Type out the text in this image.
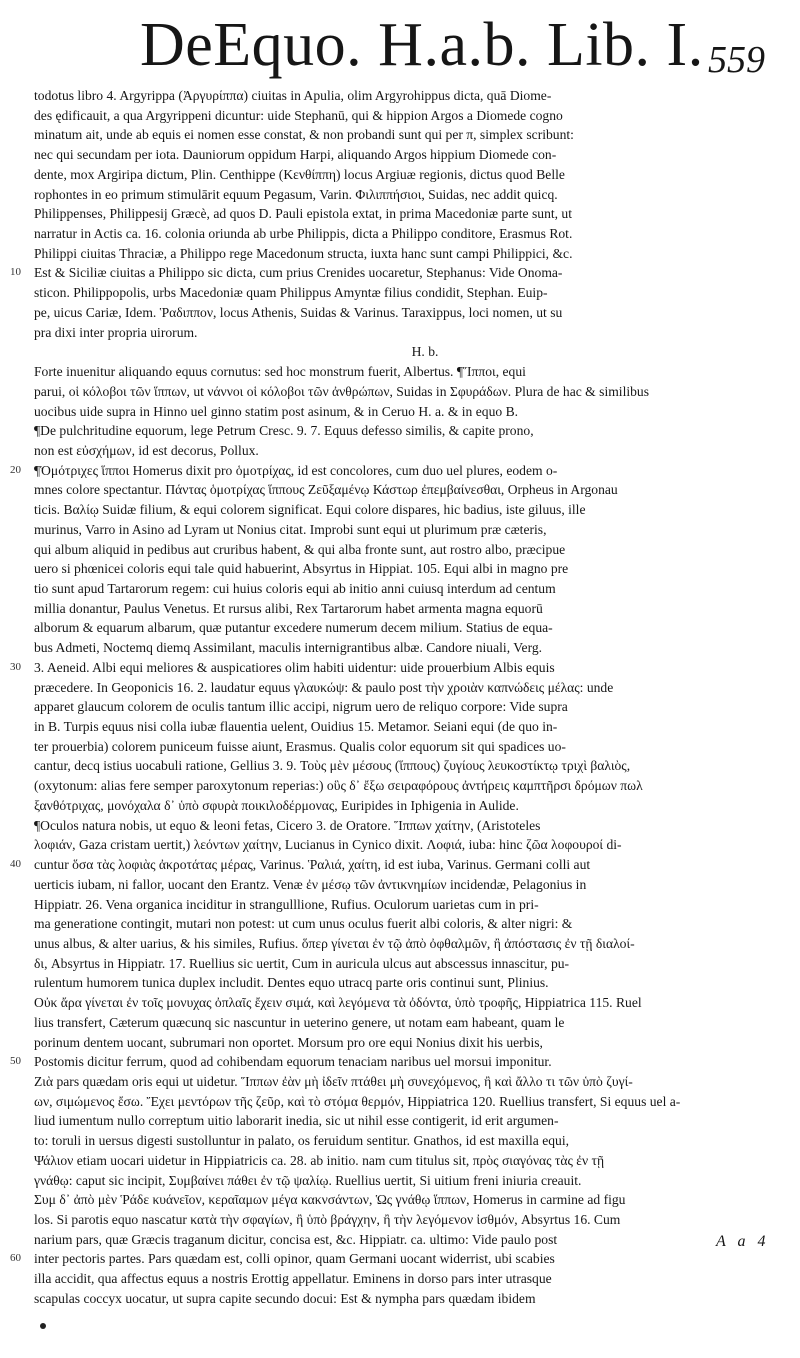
DeEquo. H.a.b. Lib. I. 559
10
20
30
40
50
60
todotus libro 4. Argyrippa (Ἀργυρίππα) ciuitas in Apulia, olim Argyrohippus dicta, quā Diome-
des ędificauit, a qua Argyrippeni dicuntur: uide Stephanū, qui & hippion Argos a Diomede cogno
minatum ait, unde ab equis ei nomen esse constat, & non probandi sunt qui per π, simplex scribunt:
nec qui secundam per iota. Dauniorum oppidum Harpi, aliquando Argos hippium Diomede con-
dente, mox Argiripa dictum, Plin. Centhippe (Κενθίππη) locus Argiuæ regionis, dictus quod Belle
rophontes in eo primum stimulārit equum Pegasum, Varin. Φιλιππήσιοι, Suidas, nec addit quicq.
Philippenses, Philippesij Græcè, ad quos D. Pauli epistola extat, in prima Macedoniæ parte sunt, ut
narratur in Actis ca. 16. colonia oriunda ab urbe Philippis, dicta a Philippo conditore, Erasmus Rot.
Philippi ciuitas Thraciæ, a Philippo rege Macedonum structa, iuxta hanc sunt campi Philippici, &c.
Est & Siciliæ ciuitas a Philippo sic dicta, cum prius Crenides uocaretur, Stephanus: Vide Onoma-
sticon. Philippopolis, urbs Macedoniæ quam Philippus Amyntæ filius condidit, Stephan. Euip-
pe, uicus Cariæ, Idem. Ῥαδιππον, locus Athenis, Suidas & Varinus. Taraxippus, loci nomen, ut su
pra dixi inter propria uirorum.
H. b.
Forte inuenitur aliquando equus cornutus: sed hoc monstrum fuerit, Albertus. ¶Ἵπποι, equi
parui, οἱ κόλοβοι τῶν ἵππων, ut νάννοι οἱ κόλοβοι τῶν ἀνθρώπων, Suidas in Σφυράδων. Plura de hac & similibus
uocibus uide supra in Hinno uel ginno statim post asinum, & in Ceruo H. a. & in equo B.
¶De pulchritudine equorum, lege Petrum Cresc. 9. 7. Equus defesso similis, & capite prono,
non est εὐσχήμων, id est decorus, Pollux.
¶Ὁμότριχες ἵπποι Homerus dixit pro ὁμοτρίχας, id est concolores, cum duo uel plures, eodem o-
mnes colore spectantur. Πάντας ὁμοτρίχας ἵππους Ζεῦξαμένῳ Κάστωρ ἐπεμβαίνεσθαι, Orpheus in Argonau
ticis. Βαλίῳ Suidæ filium, & equi colorem significat. Equi colore dispares, hic badius, iste giluus, ille
murinus, Varro in Asino ad Lyram ut Nonius citat. Improbi sunt equi ut plurimum præ cæteris,
qui album aliquid in pedibus aut cruribus habent, & qui alba fronte sunt, aut rostro albo, præcipue
uero si phœnicei coloris equi tale quid habuerint, Absyrtus in Hippiat. 105. Equi albi in magno pre
tio sunt apud Tartarorum regem: cui huius coloris equi ab initio anni cuiusq interdum ad centum
millia donantur, Paulus Venetus. Et rursus alibi, Rex Tartarorum habet armenta magna equorū
alborum & equarum albarum, quæ putantur excedere numerum decem milium. Statius de equa-
bus Admeti, Noctemq diemq Assimilant, maculis internigrantibus albæ. Candore niuali, Verg.
3. Aeneid. Albi equi meliores & auspicatiores olim habiti uidentur: uide prouerbium Albis equis
præcedere. In Geoponicis 16. 2. laudatur equus γλαυκώψ: & paulo post τὴν χροιὰν καπνώδεις μέλας: unde
apparet glaucum colorem de oculis tantum illic accipi, nigrum uero de reliquo corpore: Vide supra
in B. Turpis equus nisi colla iubæ flauentia uelent, Ouidius 15. Metamor. Seiani equi (de quo in-
ter prouerbia) colorem puniceum fuisse aiunt, Erasmus. Qualis color equorum sit qui spadices uo-
cantur, decq istius uocabuli ratione, Gellius 3. 9. Τοὺς μὲν μέσους (ἵππους) ζυγίους λευκοστίκτῳ τριχὶ βαλιὸς,
(oxytonum: alias fere semper paroxytonum reperias:) οὓς δ᾽ ἔξω σειραφόρους ἀντήρεις καμπτῆρσι δρόμων πωλ
ξανθότριχας, μονόχαλα δ᾽ ὑπὸ σφυρὰ ποικιλοδέρμονας, Euripides in Iphigenia in Aulide.
¶Oculos natura nobis, ut equo & leoni fetas, Cicero 3. de Oratore. Ἵππων χαίτην, (Aristoteles
λοφιάν, Gaza cristam uertit,) λεόντων χαίτην, Lucianus in Cynico dixit. Λοφιά, iuba: hinc ζῶα λοφουροί di-
cuntur ὅσα τὰς λοφιὰς ἀκροτάτας μέρας, Varinus. Ῥαλιά, χαίτη, id est iuba, Varinus. Germani colli aut
uerticis iubam, ni fallor, uocant den Erantz. Venæ ἐν μέσῳ τῶν ἀντικνημίων incidendæ, Pelagonius in
Hippiatr. 26. Vena organica inciditur in strangulllione, Rufius. Oculorum uarietas cum in pri-
ma generatione contingit, mutari non potest: ut cum unus oculus fuerit albi coloris, & alter nigri: &
unus albus, & alter uarius, & his similes, Rufius. ὅπερ γίνεται ἐν τῷ ἀπὸ ὀφθαλμῶν, ἢ ἀπόστασις ἐν τῇ διαλοί-
δι, Absyrtus in Hippiatr. 17. Ruellius sic uertit, Cum in auricula ulcus aut abscessus innascitur, pu-
rulentum humorem tunica duplex includit. Dentes equo utracq parte oris continui sunt, Plinius.
Οὐκ ἄρα γίνεται ἐν τοῖς μονυχας ὀπλαῖς ἔχειν σιμά, καὶ λεγόμενα τὰ ὀδόντα, ὑπὸ τροφῆς, Hippiatrica 115. Ruel
lius transfert, Cæterum quæcunq sic nascuntur in ueterino genere, ut notam eam habeant, quam le
porinum dentem uocant, subrumari non oportet. Morsum pro ore equi Nonius dixit his uerbis,
Postomis dicitur ferrum, quod ad cohibendam equorum tenaciam naribus uel morsui imponitur.
Ζιὰ pars quædam oris equi ut uidetur. Ἵππων ἐὰν μὴ ἰδεῖν πτάθει μὴ συνεχόμενος, ἢ καὶ ἄλλο τι τῶν ὑπὸ ζυγί-
ων, σιμώμενος ἔσω. Ἔχει μεντόρων τῆς ζεῦρ, καὶ τὸ στόμα θερμόν, Hippiatrica 120. Ruellius transfert, Si equus uel a-
liud iumentum nullo correptum uitio laborarit inedia, sic ut nihil esse contigerit, id erit argumen-
to: toruli in uersus digesti sustolluntur in palato, os feruidum sentitur. Gnathos, id est maxilla equi,
Ψάλιον etiam uocari uidetur in Hippiatricis ca. 28. ab initio. nam cum titulus sit, πρὸς σιαγόνας τὰς ἐν τῇ
γνάθῳ: caput sic incipit, Συμβαίνει πάθει ἐν τῷ ψαλίῳ. Ruellius uertit, Si uitium freni iniuria creauit.
Συμ δ᾽ ἀπὸ μὲν Ῥάδε κυάνεῖον, κεραῖαμων μέγα κακνσάντων, Ὡς γνάθῳ ἵππων, Homerus in carmine ad figu
los. Si parotis equo nascatur κατὰ τὴν σφαγίων, ἢ ὑπὸ βράγχην, ἢ τὴν λεγόμενον ἰσθμόν, Absyrtus 16. Cum
narium pars, quæ Græcis traganum dicitur, concisa est, &c. Hippiatr. ca. ultimo: Vide paulo post
inter pectoris partes. Pars quædam est, colli opinor, quam Germani uocant widerrist, ubi scabies
illa accidit, qua affectus equus a nostris Erottig appellatur. Eminens in dorso pars inter utrasque
scapulas coccyx uocatur, ut supra capite secundo docui: Est & nympha pars quædam ibidem
A a 4
